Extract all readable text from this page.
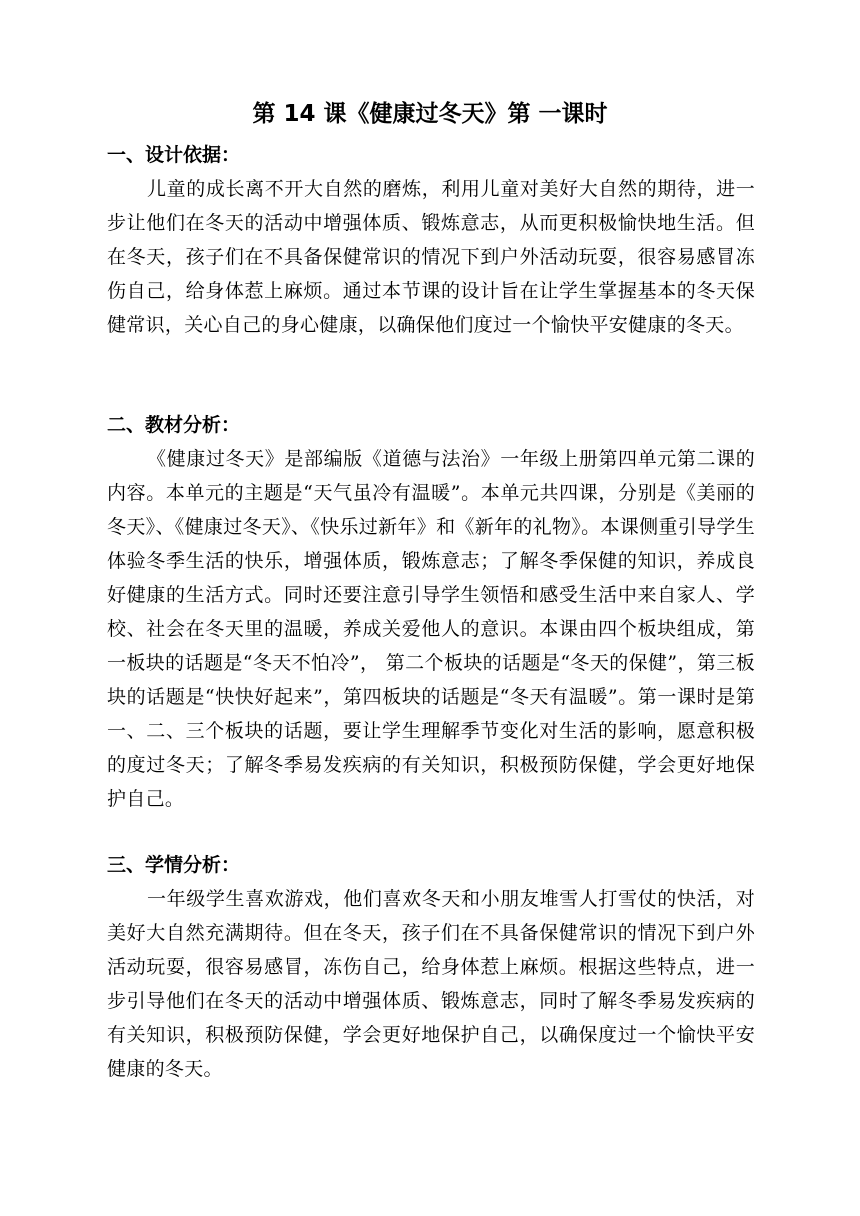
第 14 课《健康过冬天》第 一课时
一、设计依据：

儿童的成长离不开大自然的磨炼，利用儿童对美好大自然的期待，进一步让他们在冬天的活动中增强体质、锻炼意志，从而更积极愉快地生活。但在冬天，孩子们在不具备保健常识的情况下到户外活动玩耍，很容易感冒冻伤自己，给身体惹上麻烦。通过本节课的设计旨在让学生掌握基本的冬天保健常识，关心自己的身心健康，以确保他们度过一个愉快平安健康的冬天。

二、教材分析：

《健康过冬天》是部编版《道德与法治》一年级上册第四单元第二课的内容。本单元的主题是“天气虽冷有温暖”。本单元共四课，分别是《美丽的冬天》、《健康过冬天》、《快乐过新年》和《新年的礼物》。本课侧重引导学生体验冬季生活的快乐，增强体质，锻炼意志；了解冬季保健的知识，养成良好健康的生活方式。同时还要注意引导学生领悟和感受生活中来自家人、学校、社会在冬天里的温暖，养成关爱他人的意识。本课由四个板块组成，第一板块的话题是“冬天不怕冷”， 第二个板块的话题是“冬天的保健”，第三板块的话题是“快快好起来”，第四板块的话题是“冬天有温暖”。第一课时是第一、二、三个板块的话题，要让学生理解季节变化对生活的影响，愿意积极的度过冬天；了解冬季易发疾病的有关知识，积极预防保健，学会更好地保护自己。

三、学情分析：

一年级学生喜欢游戏，他们喜欢冬天和小朋友堆雪人打雪仗的快活，对美好大自然充满期待。但在冬天，孩子们在不具备保健常识的情况下到户外活动玩耍，很容易感冒，冻伤自己，给身体惹上麻烦。根据这些特点，进一步引导他们在冬天的活动中增强体质、锻炼意志，同时了解冬季易发疾病的有关知识，积极预防保健，学会更好地保护自己，以确保度过一个愉快平安健康的冬天。
